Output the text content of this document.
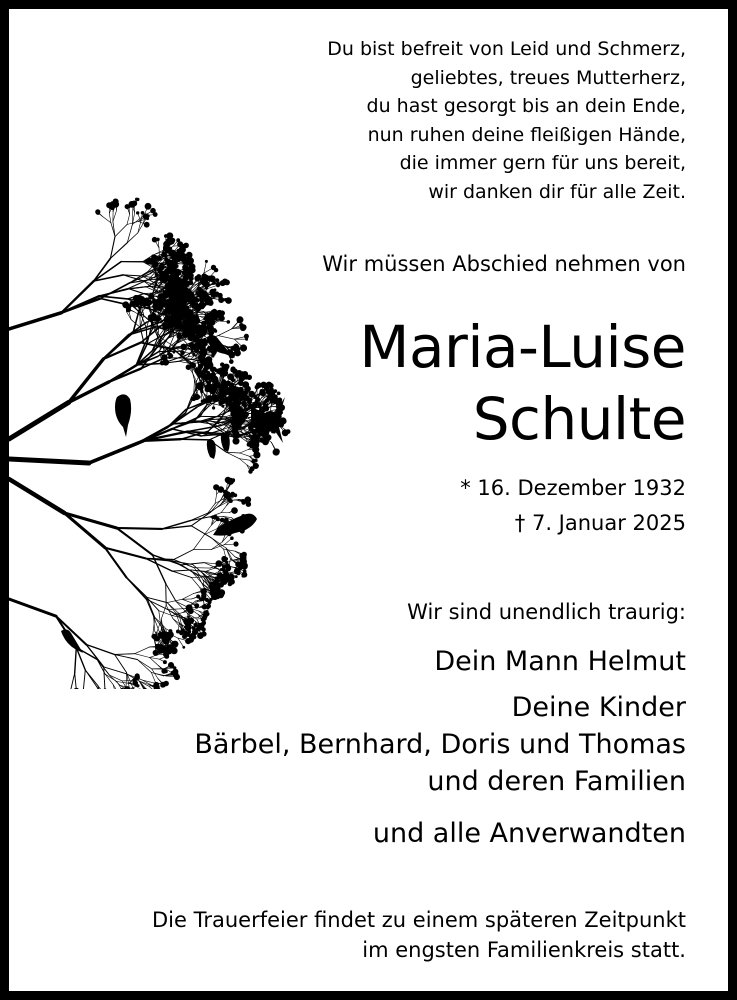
Du bist befreit von Leid und Schmerz,
geliebtes, treues Mutterherz,
du hast gesorgt bis an dein Ende,
nun ruhen deine fleißigen Hände,
die immer gern für uns bereit,
wir danken dir für alle Zeit.
Wir müssen Abschied nehmen von
Maria-Luise
Schulte
* 16. Dezember 1932
† 7. Januar 2025
Wir sind unendlich traurig:
Dein Mann Helmut
Deine Kinder
Bärbel, Bernhard, Doris und Thomas
und deren Familien
und alle Anverwandten
Die Trauerfeier findet zu einem späteren Zeitpunkt
im engsten Familienkreis statt.
